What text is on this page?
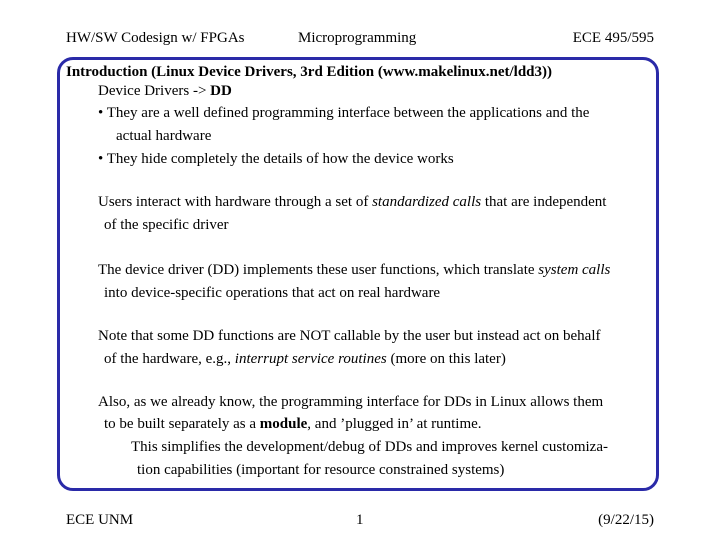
HW/SW Codesign w/ FPGAs	Microprogramming	ECE 495/595
Introduction (Linux Device Drivers, 3rd Edition (www.makelinux.net/ldd3))
Device Drivers -> DD
• They are a well defined programming interface between the applications and the
actual hardware
• They hide completely the details of how the device works
Users interact with hardware through a set of standardized calls that are independent
of the specific driver
The device driver (DD) implements these user functions, which translate system calls
into device-specific operations that act on real hardware
Note that some DD functions are NOT callable by the user but instead act on behalf
of the hardware, e.g., interrupt service routines (more on this later)
Also, as we already know, the programming interface for DDs in Linux allows them
to be built separately as a module, and ’plugged in’ at runtime.
This simplifies the development/debug of DDs and improves kernel customiza-
tion capabilities (important for resource constrained systems)
ECE UNM	1	(9/22/15)
